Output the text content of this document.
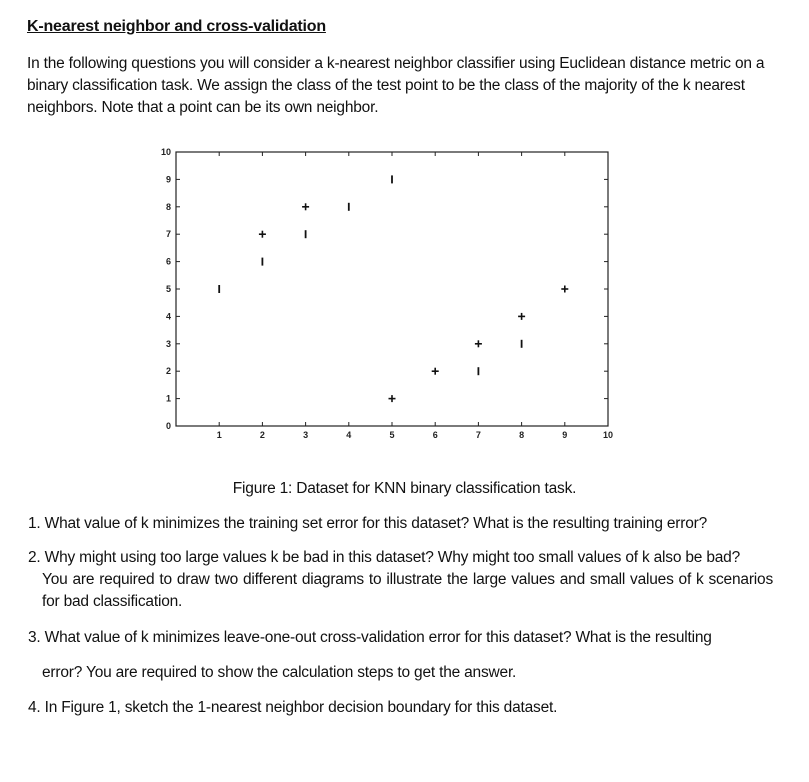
K-nearest neighbor and cross-validation
In the following questions you will consider a k-nearest neighbor classifier using Euclidean distance metric on a binary classification task. We assign the class of the test point to be the class of the majority of the k nearest neighbors. Note that a point can be its own neighbor.
0
1
2
3
4
5
6
7
8
9
10
1	2	3	4	5	6	7	8	9	10
Figure 1: Dataset for KNN binary classification task.
1. What value of k minimizes the training set error for this dataset? What is the resulting training error?
2. Why might using too large values k be bad in this dataset? Why might too small values of k also be bad?
You are required to draw two different diagrams to illustrate the large values and small values of k scenarios for bad classification.
3. What value of k minimizes leave-one-out cross-validation error for this dataset? What is the resulting
error? You are required to show the calculation steps to get the answer.
4. In Figure 1, sketch the 1-nearest neighbor decision boundary for this dataset.
